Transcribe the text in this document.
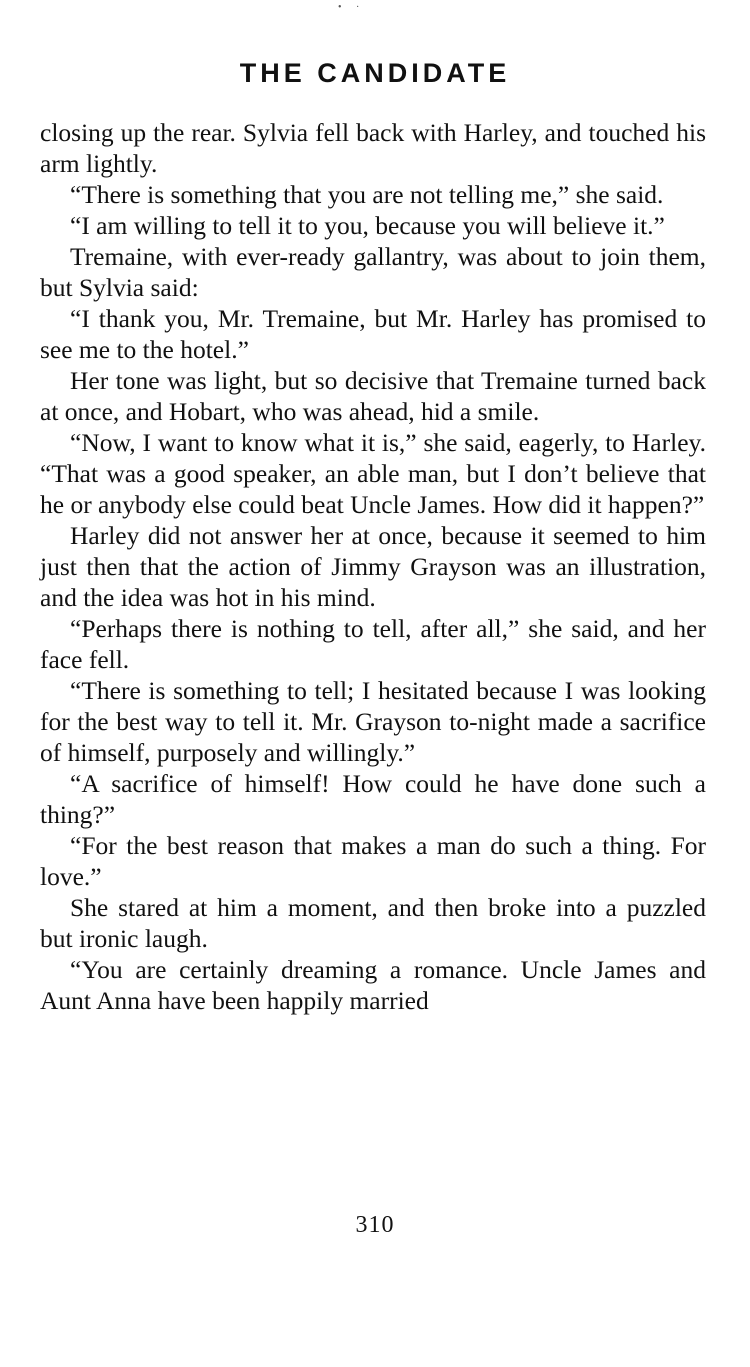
• ·
THE CANDIDATE

closing up the rear. Sylvia fell back with Harley, and touched his arm lightly.

“There is something that you are not telling me,” she said.

“I am willing to tell it to you, because you will believe it.”

Tremaine, with ever-ready gallantry, was about to join them, but Sylvia said:

“I thank you, Mr. Tremaine, but Mr. Harley has promised to see me to the hotel.”

Her tone was light, but so decisive that Tremaine turned back at once, and Hobart, who was ahead, hid a smile.

“Now, I want to know what it is,” she said, eagerly, to Harley. “That was a good speaker, an able man, but I don’t believe that he or anybody else could beat Uncle James. How did it happen?”

Harley did not answer her at once, because it seemed to him just then that the action of Jimmy Grayson was an illustration, and the idea was hot in his mind.

“Perhaps there is nothing to tell, after all,” she said, and her face fell.

“There is something to tell; I hesitated because I was looking for the best way to tell it. Mr. Grayson to-night made a sacrifice of himself, purposely and willingly.”

“A sacrifice of himself! How could he have done such a thing?”

“For the best reason that makes a man do such a thing. For love.”

She stared at him a moment, and then broke into a puzzled but ironic laugh.

“You are certainly dreaming a romance. Uncle James and Aunt Anna have been happily married

310
